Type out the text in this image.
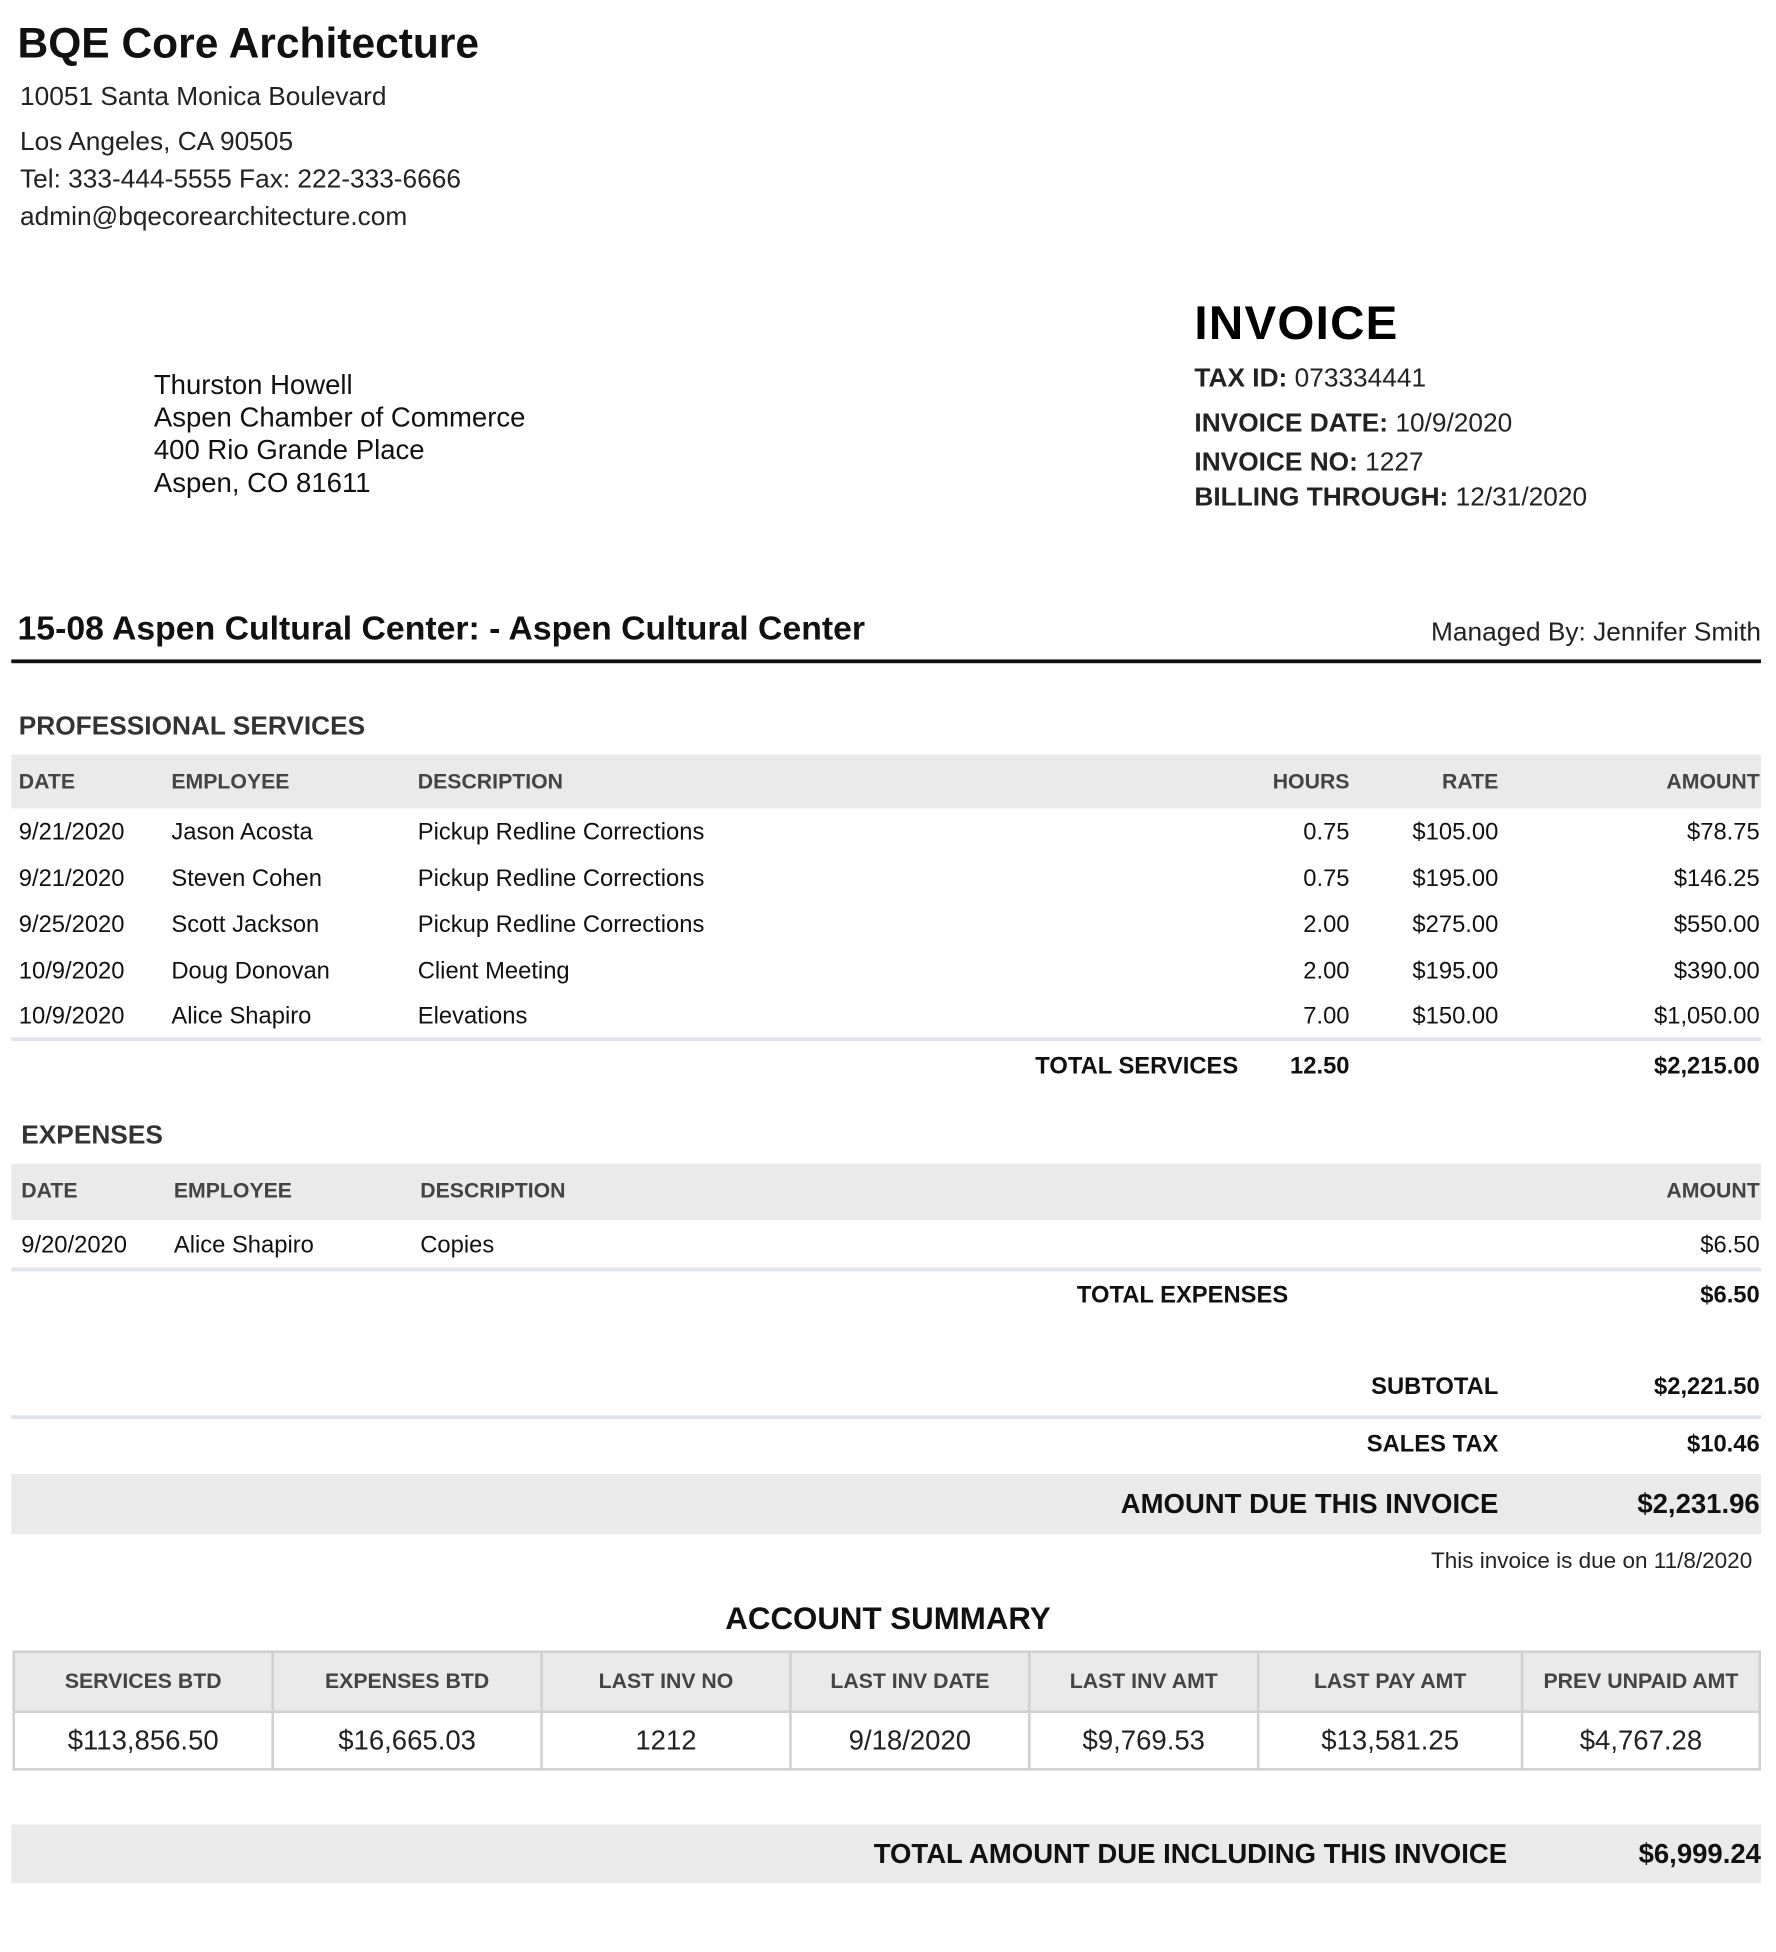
BQE Core Architecture
10051 Santa Monica Boulevard
Los Angeles, CA 90505
Tel: 333-444-5555 Fax: 222-333-6666
admin@bqecorearchitecture.com
Thurston Howell
Aspen Chamber of Commerce
400 Rio Grande Place
Aspen, CO 81611
INVOICE
TAX ID: 073334441
INVOICE DATE: 10/9/2020
INVOICE NO: 1227
BILLING THROUGH: 12/31/2020
15-08 Aspen Cultural Center: - Aspen Cultural Center	Managed By: Jennifer Smith
PROFESSIONAL SERVICES
DATE	EMPLOYEE	DESCRIPTION	HOURS	RATE	AMOUNT
9/21/2020 Jason Acosta	Pickup Redline Corrections	0.75	$105.00	$78.75
9/21/2020 Steven Cohen	Pickup Redline Corrections	0.75	$195.00	$146.25
9/25/2020 Scott Jackson	Pickup Redline Corrections	2.00	$275.00	$550.00
10/9/2020 Doug Donovan	Client Meeting	2.00	$195.00	$390.00
10/9/2020 Alice Shapiro	Elevations	7.00	$150.00	$1,050.00
TOTAL SERVICES	12.50	$2,215.00
EXPENSES
DATE	EMPLOYEE	DESCRIPTION	AMOUNT
9/20/2020 Alice Shapiro	Copies	$6.50
TOTAL EXPENSES	$6.50
SUBTOTAL	$2,221.50
SALES TAX	$10.46
AMOUNT DUE THIS INVOICE	$2,231.96
This invoice is due on 11/8/2020
ACCOUNT SUMMARY
SERVICES BTD	EXPENSES BTD	LAST INV NO	LAST INV DATE	LAST INV AMT	LAST PAY AMT	PREV UNPAID AMT
$113,856.50	$16,665.03	1212	9/18/2020	$9,769.53	$13,581.25	$4,767.28
TOTAL AMOUNT DUE INCLUDING THIS INVOICE	$6,999.24
